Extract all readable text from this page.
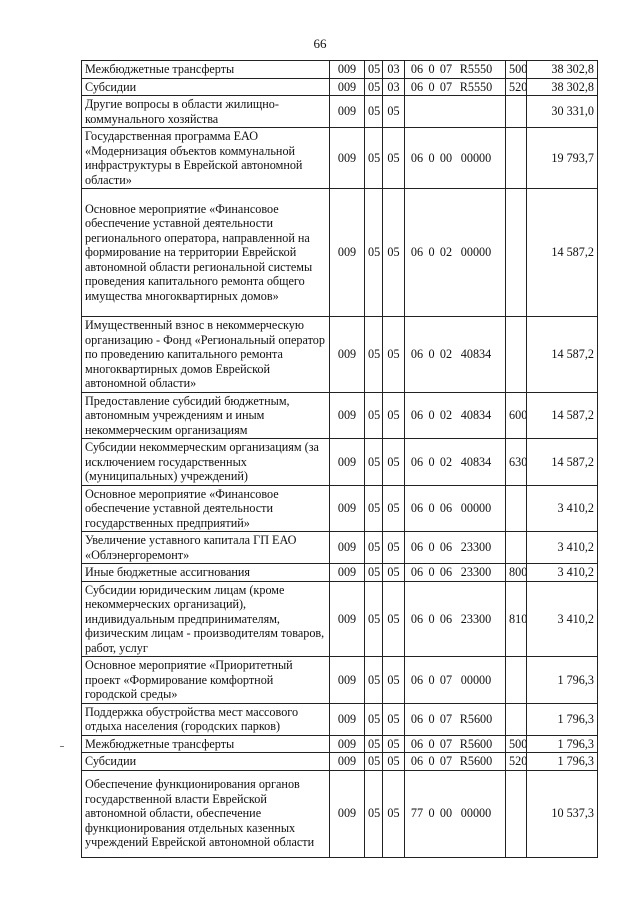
66
Межбюджетные трансферты	009	05	03	06 0 07 R5550	500	38 302,8
Субсидии	009	05	03	06 0 07 R5550	520	38 302,8
Другие вопросы в области жилищно-коммунального хозяйства	009	05	05			30 331,0
Государственная программа ЕАО «Модернизация объектов коммунальной инфраструктуры в Еврейской автономной области»	009	05	05	06 0 00 00000		19 793,7
Основное мероприятие «Финансовое обеспечение уставной деятельности регионального оператора, направленной на формирование на территории Еврейской автономной области региональной системы проведения капитального ремонта общего имущества многоквартирных домов»	009	05	05	06 0 02 00000		14 587,2
Имущественный взнос в некоммерческую организацию - Фонд «Региональный оператор по проведению капитального ремонта многоквартирных домов Еврейской автономной области»	009	05	05	06 0 02 40834		14 587,2
Предоставление субсидий бюджетным, автономным учреждениям и иным некоммерческим организациям	009	05	05	06 0 02 40834	600	14 587,2
Субсидии некоммерческим организациям (за исключением государственных (муниципальных) учреждений)	009	05	05	06 0 02 40834	630	14 587,2
Основное мероприятие «Финансовое обеспечение уставной деятельности государственных предприятий»	009	05	05	06 0 06 00000		3 410,2
Увеличение уставного капитала ГП ЕАО «Облэнергоремонт»	009	05	05	06 0 06 23300		3 410,2
Иные бюджетные ассигнования	009	05	05	06 0 06 23300	800	3 410,2
Субсидии юридическим лицам (кроме некоммерческих организаций), индивидуальным предпринимателям, физическим лицам - производителям товаров, работ, услуг	009	05	05	06 0 06 23300	810	3 410,2
Основное мероприятие «Приоритетный проект «Формирование комфортной городской среды»	009	05	05	06 0 07 00000		1 796,3
Поддержка обустройства мест массового отдыха населения (городских парков)	009	05	05	06 0 07 R5600		1 796,3
Межбюджетные трансферты	009	05	05	06 0 07 R5600	500	1 796,3
Субсидии	009	05	05	06 0 07 R5600	520	1 796,3
Обеспечение функционирования органов государственной власти Еврейской автономной области, обеспечение функционирования отдельных казенных учреждений Еврейской автономной области	009	05	05	77 0 00 00000		10 537,3
